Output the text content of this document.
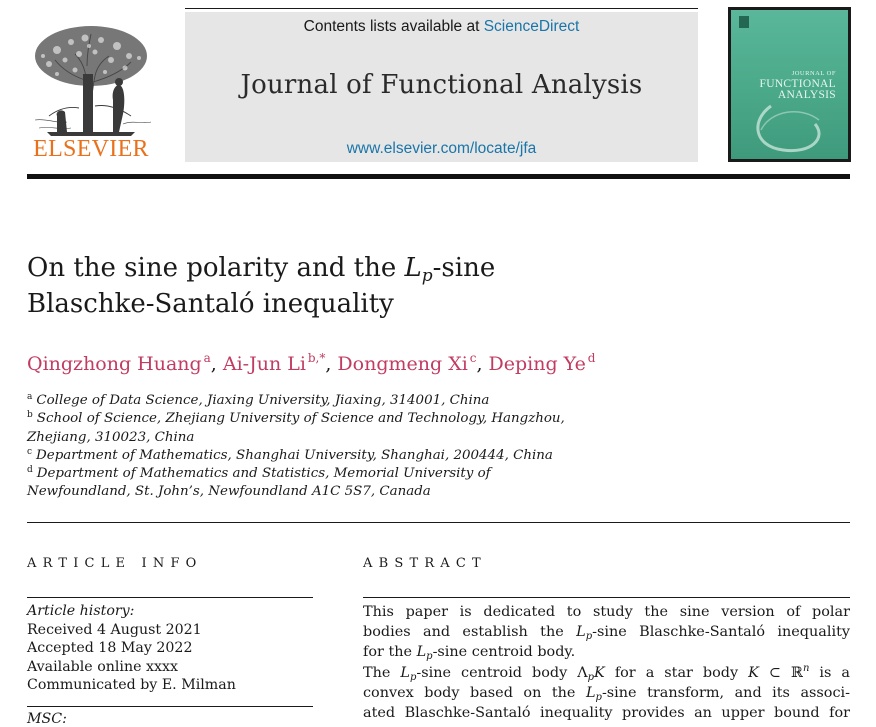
ELSEVIER
Contents lists available at ScienceDirect
Journal of Functional Analysis
www.elsevier.com/locate/jfa
JOURNAL OF
FUNCTIONAL
ANALYSIS
On the sine polarity and the $L_p$-sine
Blaschke-Santaló inequality
Qingzhong Huang  $^a$, Ai-Jun Li  $^{b,*}$, Dongmeng Xi  $^c$, Deping Ye  $^d$
$^a$ College of Data Science, Jiaxing University, Jiaxing, 314001, China
$^b$ School of Science, Zhejiang University of Science and Technology, Hangzhou,
Zhejiang, 310023, China
$^c$ Department of Mathematics, Shanghai University, Shanghai, 200444, China
$^d$ Department of Mathematics and Statistics, Memorial University of
Newfoundland, St. John’s, Newfoundland A1C 5S7, Canada
ARTICLE INFO
Article history:
Received 4 August 2021
Accepted 18 May 2022
Available online xxxx
Communicated by E. Milman
MSC:
ABSTRACT
This paper is dedicated to study the sine version of polar
bodies and establish the $L_p$-sine Blaschke-Santaló inequality
for the $L_p$-sine centroid body.
The $L_p$-sine centroid body $\Lambda_pK$ for a star body K ⊂ ℝ$^n$ is a
convex body based on the $L_p$-sine transform, and its associ-
ated Blaschke-Santaló inequality provides an upper bound for
